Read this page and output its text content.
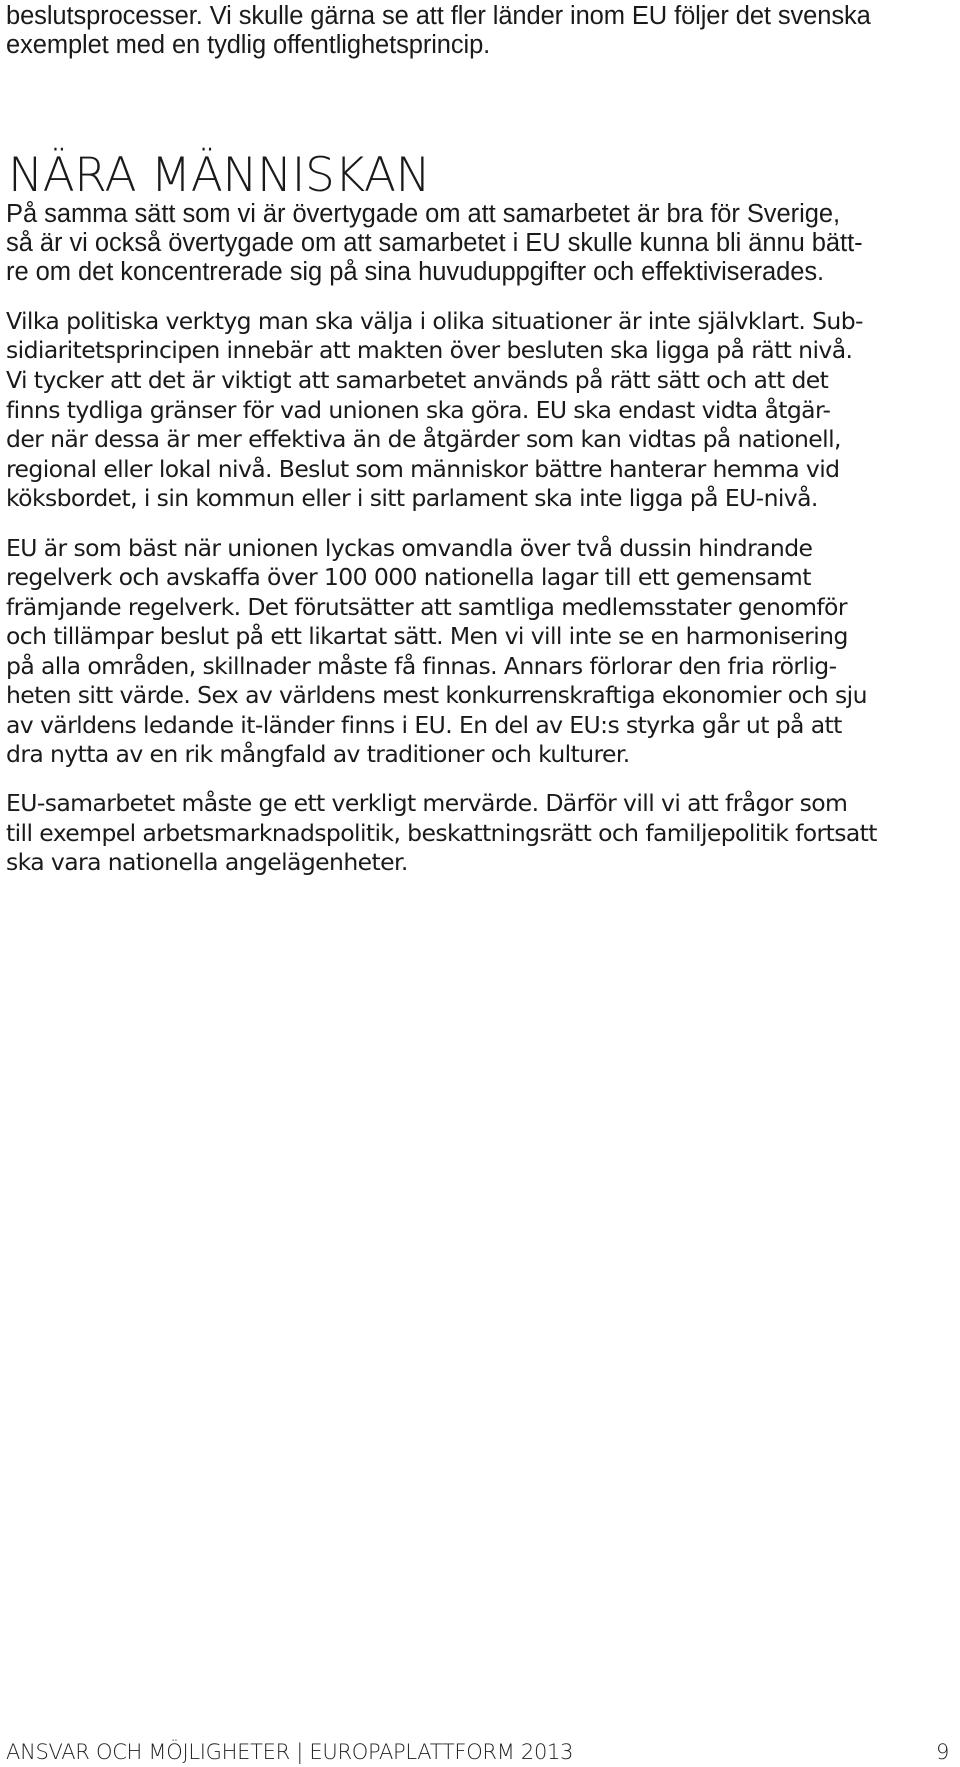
beslutsprocesser. Vi skulle gärna se att fler länder inom EU följer det svenska
exemplet med en tydlig offentlighetsprincip.
NÄRA MÄNNISKAN
På samma sätt som vi är övertygade om att samarbetet är bra för Sverige,
så är vi också övertygade om att samarbetet i EU skulle kunna bli ännu bätt-
re om det koncentrerade sig på sina huvuduppgifter och effektiviserades.
Vilka politiska verktyg man ska välja i olika situationer är inte självklart. Sub-
sidiaritetsprincipen innebär att makten över besluten ska ligga på rätt nivå.
Vi tycker att det är viktigt att samarbetet används på rätt sätt och att det
finns tydliga gränser för vad unionen ska göra. EU ska endast vidta åtgär-
der när dessa är mer effektiva än de åtgärder som kan vidtas på nationell,
regional eller lokal nivå. Beslut som människor bättre hanterar hemma vid
köksbordet, i sin kommun eller i sitt parlament ska inte ligga på EU-nivå.
EU är som bäst när unionen lyckas omvandla över två dussin hindrande
regelverk och avskaffa över 100 000 nationella lagar till ett gemensamt
främjande regelverk. Det förutsätter att samtliga medlemsstater genomför
och tillämpar beslut på ett likartat sätt. Men vi vill inte se en harmonisering
på alla områden, skillnader måste få finnas. Annars förlorar den fria rörlig-
heten sitt värde. Sex av världens mest konkurrenskraftiga ekonomier och sju
av världens ledande it-länder finns i EU. En del av EU:s styrka går ut på att
dra nytta av en rik mångfald av traditioner och kulturer.
EU-samarbetet måste ge ett verkligt mervärde. Därför vill vi att frågor som
till exempel arbetsmarknadspolitik, beskattningsrätt och familjepolitik fortsatt
ska vara nationella angelägenheter.
ANSVAR OCH MÖJLIGHETER | EUROPAPLATTFORM 2013	9
